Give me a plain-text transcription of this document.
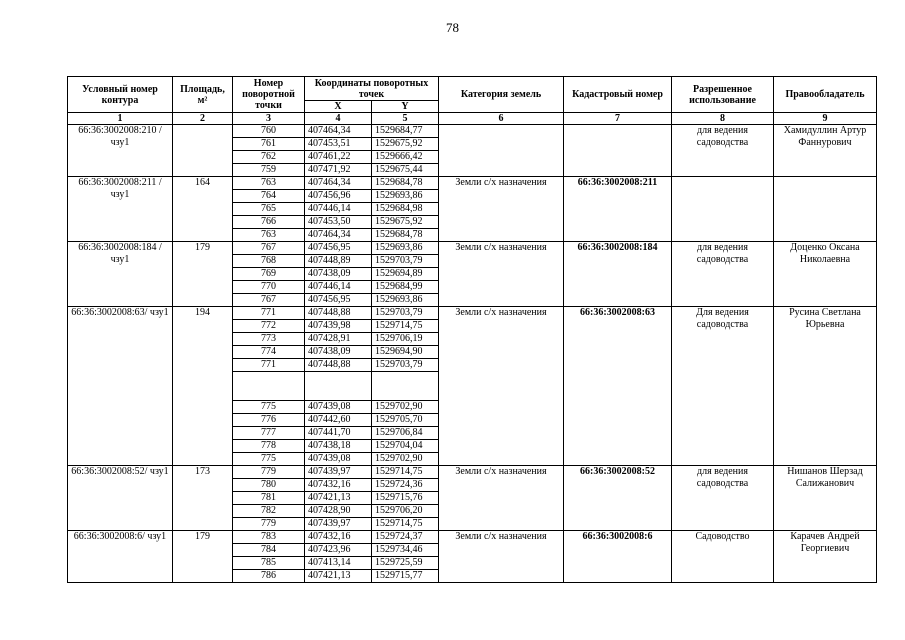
78
Условный номер контура	Площадь, м²	Номер поворотной точки	Координаты поворотных точек		Категория земель	Кадастровый номер	Разрешенное использование	Правообладатель
			X	Y				
1	2	3	4	5	6	7	8	9
66:36:3002008:210 /чзу1		760	407464,34	1529684,77			для ведения садоводства	Хамидуллин Артур Фаннурович
		761	407453,51	1529675,92				
		762	407461,22	1529666,42				
		759	407471,92	1529675,44				
66:36:3002008:211 /чзу1	164	763	407464,34	1529684,78	Земли с/х назначения	66:36:3002008:211		
		764	407456,96	1529693,86				
		765	407446,14	1529684,98				
		766	407453,50	1529675,92				
		763	407464,34	1529684,78				
66:36:3002008:184 /чзу1	179	767	407456,95	1529693,86	Земли с/х назначения	66:36:3002008:184	для ведения садоводства	Доценко Оксана Николаевна
		768	407448,89	1529703,79				
		769	407438,09	1529694,89				
		770	407446,14	1529684,99				
		767	407456,95	1529693,86				
66:36:3002008:63/ чзу1	194	771	407448,88	1529703,79	Земли с/х назначения	66:36:3002008:63	Для ведения садоводства	Русина Светлана Юрьевна
		772	407439,98	1529714,75				
		773	407428,91	1529706,19				
		774	407438,09	1529694,90				
		771	407448,88	1529703,79				

		775	407439,08	1529702,90				
		776	407442,60	1529705,70				
		777	407441,70	1529706,84				
		778	407438,18	1529704,04				
		775	407439,08	1529702,90				
66:36:3002008:52/ чзу1	173	779	407439,97	1529714,75	Земли с/х назначения	66:36:3002008:52	для ведения садоводства	Нишанов Шерзад Салижанович
		780	407432,16	1529724,36				
		781	407421,13	1529715,76				
		782	407428,90	1529706,20				
		779	407439,97	1529714,75				
66:36:3002008:6/ чзу1	179	783	407432,16	1529724,37	Земли с/х назначения	66:36:3002008:6	Садоводство	Карачев Андрей Георгиевич
		784	407423,96	1529734,46				
		785	407413,14	1529725,59				
		786	407421,13	1529715,77				
